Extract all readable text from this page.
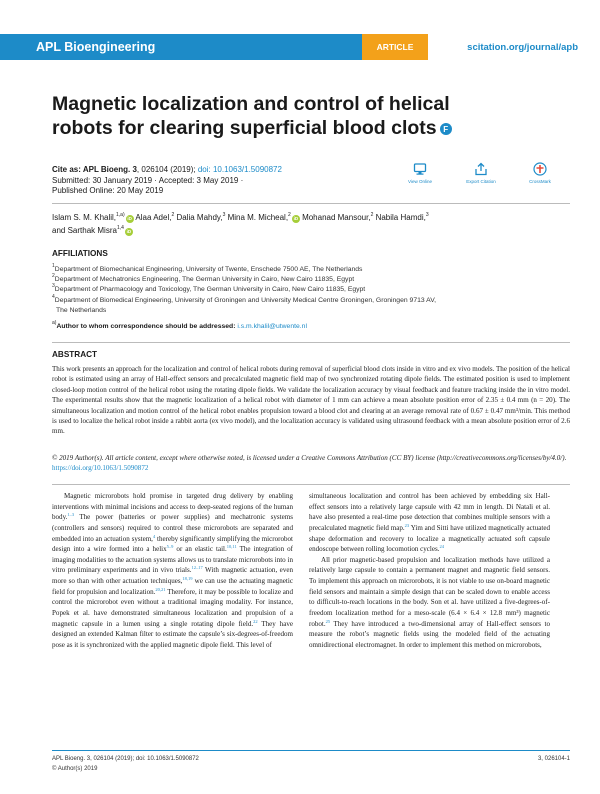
APL Bioengineering	ARTICLE	scitation.org/journal/apb
Magnetic localization and control of helical robots for clearing superficial blood clots F
Cite as: APL Bioeng. 3, 026104 (2019); doi: 10.1063/1.5090872
Submitted: 30 January 2019 · Accepted: 3 May 2019 ·
Published Online: 20 May 2019
View Online	Export Citation	CrossMark
Islam S. M. Khalil,$^{1,a)}$iD Alaa Adel,$^2$ Dalia Mahdy,$^3$ Mina M. Micheal,$^2$iD Mohanad Mansour,$^2$ Nabila Hamdi,$^3$
and Sarthak Misra$^{1,4}$iD
AFFILIATIONS
$^1$Department of Biomechanical Engineering, University of Twente, Enschede 7500 AE, The Netherlands
$^2$Department of Mechatronics Engineering, The German University in Cairo, New Cairo 11835, Egypt
$^3$Department of Pharmacology and Toxicology, The German University in Cairo, New Cairo 11835, Egypt
$^4$Department of Biomedical Engineering, University of Groningen and University Medical Centre Groningen, Groningen 9713 AV,
The Netherlands
$^{a)}$Author to whom correspondence should be addressed: i.s.m.khalil@utwente.nl
ABSTRACT
This work presents an approach for the localization and control of helical robots during removal of superficial blood clots inside in vitro and ex vivo models. The position of the helical robot is estimated using an array of Hall-effect sensors and precalculated magnetic field map of two synchronized rotating dipole fields. The estimated position is used to implement closed-loop motion control of the helical robot using the rotating dipole fields. We validate the localization accuracy by visual feedback and feature tracking inside the in vitro model. The experimental results show that the magnetic localization of a helical robot with diameter of 1 mm can achieve a mean absolute position error of 2.35 ± 0.4 mm (n = 20). The simultaneous localization and motion control of the helical robot enables propulsion toward a blood clot and clearing at an average removal rate of 0.67 ± 0.47 mm³/min. This method is used to localize the helical robot inside a rabbit aorta (ex vivo model), and the localization accuracy is validated using ultrasound feedback with a mean absolute position error of 2.6 mm.
© 2019 Author(s). All article content, except where otherwise noted, is licensed under a Creative Commons Attribution (CC BY) license (http://creativecommons.org/licenses/by/4.0/). https://doi.org/10.1063/1.5090872

Magnetic microrobots hold promise in targeted drug delivery by enabling interventions with minimal incisions and access to deep-seated regions of the human body.$^{1-3}$ The power (batteries or power supplies) and mechatronic systems (controllers and sensors) required to control these microrobots are separated and embedded into an actuation system,$^4$ thereby significantly simplifying the microrobot design into a wire formed into a helix$^{5-9}$ or an elastic tail.$^{10,11}$ The integration of imaging modalities to the actuation systems allows us to translate microrobots into in vitro preliminary experiments and in vivo trials.$^{12-17}$ With magnetic actuation, even more so than with other actuation techniques,$^{18,19}$ we can use the actuating magnetic field for propulsion and localization.$^{20,21}$ Therefore, it may be possible to localize and control the microrobot even without a traditional imaging modality. For instance, Popek et al. have demonstrated simultaneous localization and propulsion of a magnetic capsule in a lumen using a single rotating dipole field.$^{22}$ They have designed an extended Kalman filter to estimate the capsule’s six-degrees-of-freedom pose as it is synchronized with the applied magnetic dipole field. This level of

simultaneous localization and control has been achieved by embedding six Hall-effect sensors into a relatively large capsule with 42 mm in length. Di Natali et al. have also presented a real-time pose detection that combines multiple sensors with a precalculated magnetic field map.$^{23}$ Yim and Sitti have utilized magnetically actuated shape deformation and recovery to localize a magnetically actuated soft capsule endoscope between rolling locomotion cycles.$^{24}$

All prior magnetic-based propulsion and localization methods have utilized a relatively large capsule to contain a permanent magnet and magnetic field sensors. To implement this approach on microrobots, it is not viable to use on-board magnetic field sensors and maintain a simple design that can be scaled down to enable access to difficult-to-reach locations in the body. Son et al. have utilized a five-degrees-of-freedom localization method for a meso-scale (6.4 × 6.4 × 12.8 mm³) magnetic robot.$^{25}$ They have introduced a two-dimensional array of Hall-effect sensors to measure the robot’s magnetic fields using the modeled field of the actuating omnidirectional electromagnet. In order to implement this method on microrobots,

APL Bioeng. 3, 026104 (2019); doi: 10.1063/1.5090872
© Author(s) 2019
3, 026104-1
